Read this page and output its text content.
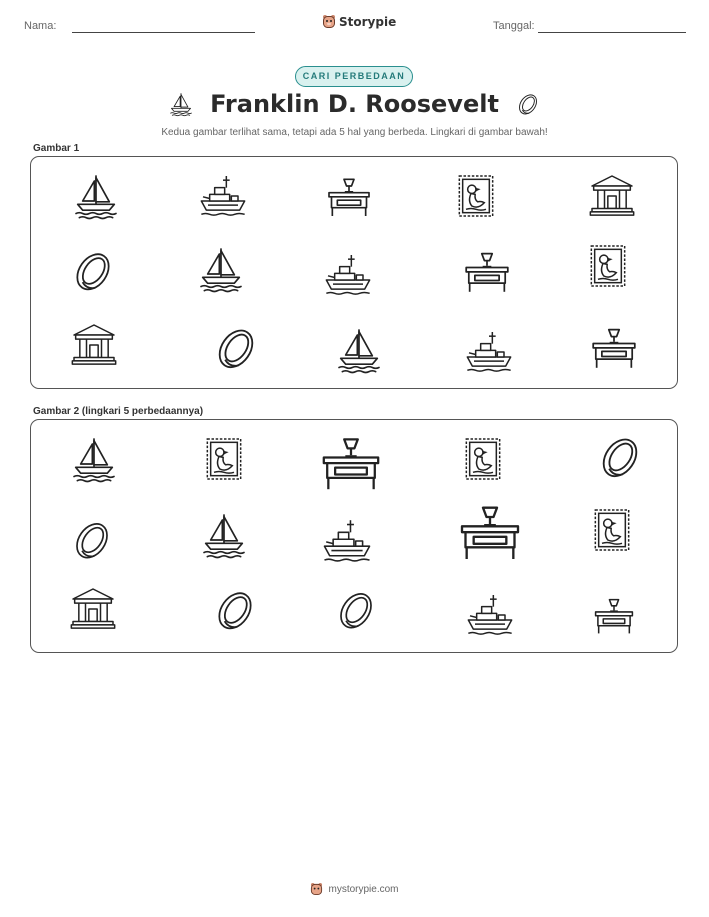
Nama:	Tanggal:
Storypie
CARI PERBEDAAN
Franklin D. Roosevelt
Kedua gambar terlihat sama, tetapi ada 5 hal yang berbeda. Lingkari di gambar bawah!
Gambar 1
Gambar 2 (lingkari 5 perbedaannya)
mystorypie.com
